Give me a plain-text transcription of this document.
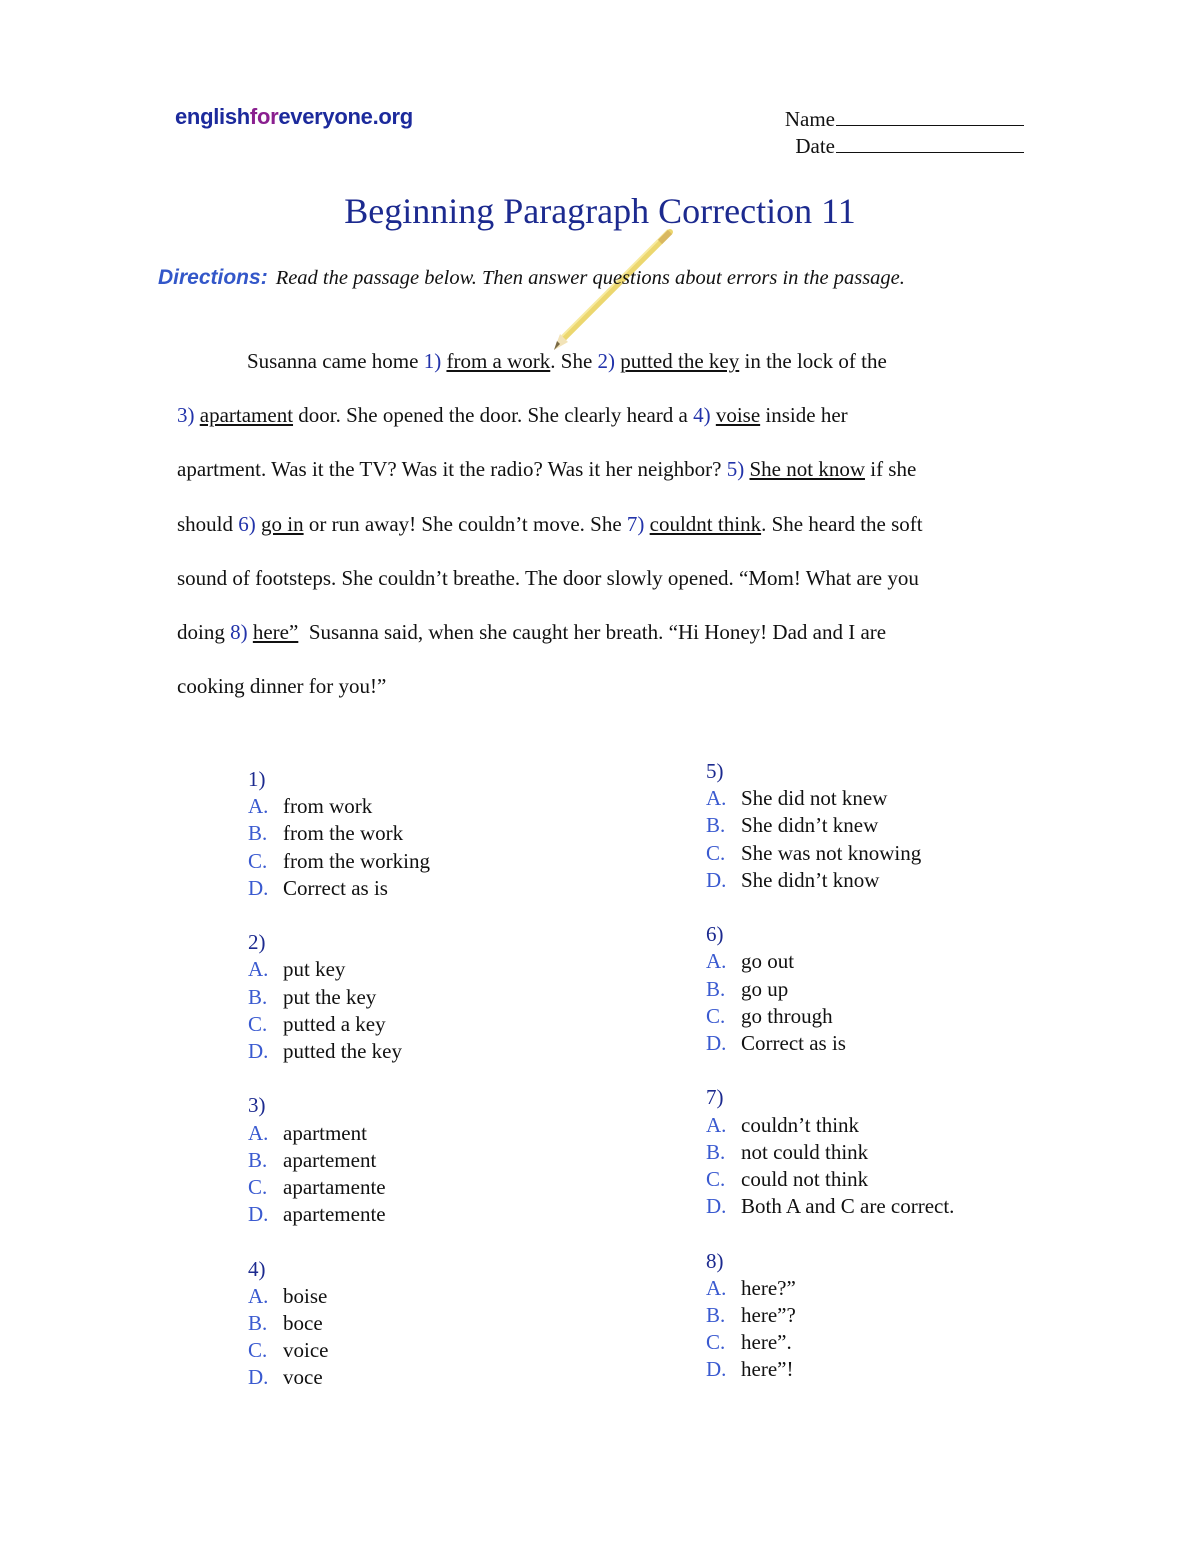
englishforeveryone.org	Name
Date
Beginning Paragraph Correction 11
Directions: Read the passage below. Then answer questions about errors in the passage.
Susanna came home 1) from a work. She 2) putted the key in the lock of the
3) apartament door. She opened the door. She clearly heard a 4) voise inside her
apartment. Was it the TV? Was it the radio? Was it her neighbor? 5) She not know if she
should 6) go in or run away! She couldn’t move. She 7) couldnt think. She heard the soft
sound of footsteps. She couldn’t breathe. The door slowly opened. “Mom! What are you
doing 8) here”  Susanna said, when she caught her breath. “Hi Honey! Dad and I are
cooking dinner for you!”
1)
A. from work
B. from the work
C. from the working
D. Correct as is
2)
A. put key
B. put the key
C. putted a key
D. putted the key
3)
A. apartment
B. apartement
C. apartamente
D. apartemente
4)
A. boise
B. boce
C. voice
D. voce
5)
A. She did not knew
B. She didn’t knew
C. She was not knowing
D. She didn’t know
6)
A. go out
B. go up
C. go through
D. Correct as is
7)
A. couldn’t think
B. not could think
C. could not think
D. Both A and C are correct.
8)
A. here?”
B. here”?
C. here”.
D. here”!
